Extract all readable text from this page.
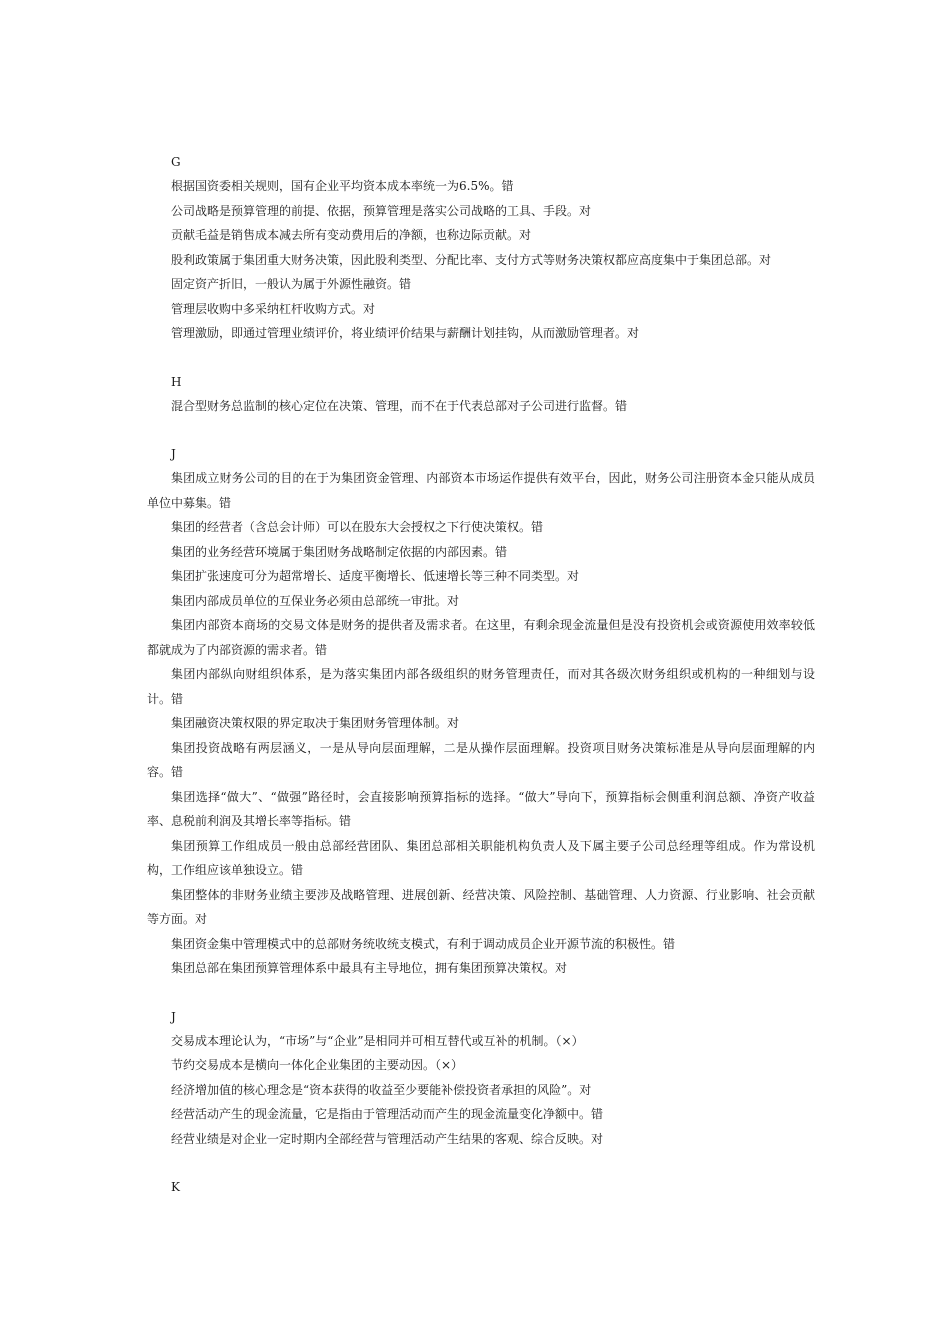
G

根据国资委相关规则，国有企业平均资本成本率统一为6.5%。错

公司战略是预算管理的前提、依据，预算管理是落实公司战略的工具、手段。对

贡献毛益是销售成本减去所有变动费用后的净额，也称边际贡献。对

股利政策属于集团重大财务决策，因此股利类型、分配比率、支付方式等财务决策权都应高度集中于集团总部。对

固定资产折旧，一般认为属于外源性融资。错

管理层收购中多采纳杠杆收购方式。对

管理激励，即通过管理业绩评价，将业绩评价结果与薪酬计划挂钩，从而激励管理者。对

H

混合型财务总监制的核心定位在决策、管理，而不在于代表总部对子公司进行监督。错

J

集团成立财务公司的目的在于为集团资金管理、内部资本市场运作提供有效平台，因此，财务公司注册资本金只能从成员单位中募集。错

集团的经营者（含总会计师）可以在股东大会授权之下行使决策权。错

集团的业务经营环境属于集团财务战略制定依据的内部因素。错

集团扩张速度可分为超常增长、适度平衡增长、低速增长等三种不同类型。对

集团内部成员单位的互保业务必须由总部统一审批。对

集团内部资本商场的交易文体是财务的提供者及需求者。在这里，有剩余现金流量但是没有投资机会或资源使用效率较低都就成为了内部资源的需求者。错

集团内部纵向财组织体系，是为落实集团内部各级组织的财务管理责任，而对其各级次财务组织或机构的一种细划与设计。错

集团融资决策权限的界定取决于集团财务管理体制。对

集团投资战略有两层涵义，一是从导向层面理解，二是从操作层面理解。投资项目财务决策标准是从导向层面理解的内容。错

集团选择“做大”、“做强”路径时，会直接影响预算指标的选择。“做大”导向下，预算指标会侧重利润总额、净资产收益率、息税前利润及其增长率等指标。错

集团预算工作组成员一般由总部经营团队、集团总部相关职能机构负责人及下属主要子公司总经理等组成。作为常设机构，工作组应该单独设立。错

集团整体的非财务业绩主要涉及战略管理、进展创新、经营决策、风险控制、基础管理、人力资源、行业影响、社会贡献等方面。对

集团资金集中管理模式中的总部财务统收统支模式，有利于调动成员企业开源节流的积极性。错

集团总部在集团预算管理体系中最具有主导地位，拥有集团预算决策权。对

J

交易成本理论认为，“市场”与“企业”是相同并可相互替代或互补的机制。（×）

节约交易成本是横向一体化企业集团的主要动因。（×）

经济增加值的核心理念是“资本获得的收益至少要能补偿投资者承担的风险”。对

经营活动产生的现金流量，它是指由于管理活动而产生的现金流量变化净额中。错

经营业绩是对企业一定时期内全部经营与管理活动产生结果的客观、综合反映。对

K
